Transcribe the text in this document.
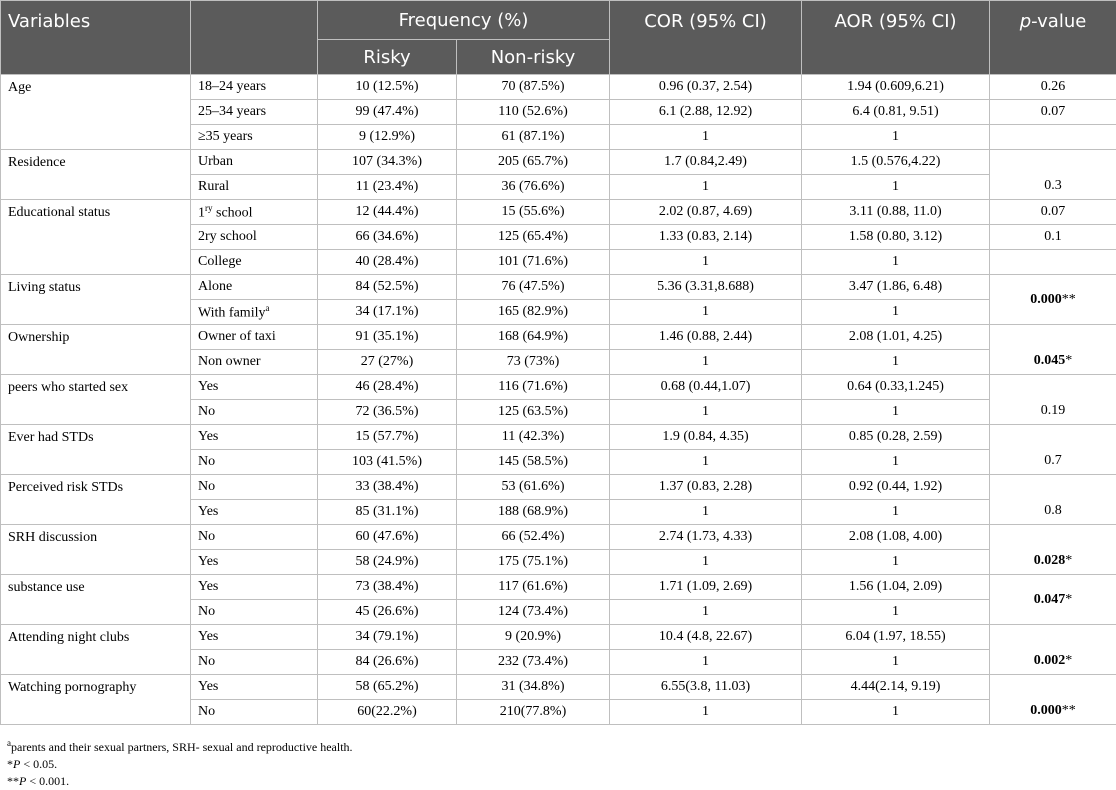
Variables		Frequency (%)		COR (95% CI)	AOR (95% CI)	p-value
		Risky	Non-risky			
Age	18–24 years	10 (12.5%)	70 (87.5%)	0.96 (0.37, 2.54)	1.94 (0.609,6.21)	0.26
	25–34 years	99 (47.4%)	110 (52.6%)	6.1 (2.88, 12.92)	6.4 (0.81, 9.51)	0.07
	≥35 years	9 (12.9%)	61 (87.1%)	1	1	
Residence	Urban	107 (34.3%)	205 (65.7%)	1.7 (0.84,2.49)	1.5 (0.576,4.22)	0.3
	Rural	11 (23.4%)	36 (76.6%)	1	1	
Educational status	$1^{ry}$ school	12 (44.4%)	15 (55.6%)	2.02 (0.87, 4.69)	3.11 (0.88, 11.0)	0.07
	2ry school	66 (34.6%)	125 (65.4%)	1.33 (0.83, 2.14)	1.58 (0.80, 3.12)	0.1
	College	40 (28.4%)	101 (71.6%)	1	1	
Living status	Alone	84 (52.5%)	76 (47.5%)	5.36 (3.31,8.688)	3.47 (1.86, 6.48)	0.000**
	With family$^a$	34 (17.1%)	165 (82.9%)	1	1	
Ownership	Owner of taxi	91 (35.1%)	168 (64.9%)	1.46 (0.88, 2.44)	2.08 (1.01, 4.25)	0.045*
	Non owner	27 (27%)	73 (73%)	1	1	
peers who started sex	Yes	46 (28.4%)	116 (71.6%)	0.68 (0.44,1.07)	0.64 (0.33,1.245)	0.19
	No	72 (36.5%)	125 (63.5%)	1	1	
Ever had STDs	Yes	15 (57.7%)	11 (42.3%)	1.9 (0.84, 4.35)	0.85 (0.28, 2.59)	0.7
	No	103 (41.5%)	145 (58.5%)	1	1	
Perceived risk STDs	No	33 (38.4%)	53 (61.6%)	1.37 (0.83, 2.28)	0.92 (0.44, 1.92)	0.8
	Yes	85 (31.1%)	188 (68.9%)	1	1	
SRH discussion	No	60 (47.6%)	66 (52.4%)	2.74 (1.73, 4.33)	2.08 (1.08, 4.00)	0.028*
	Yes	58 (24.9%)	175 (75.1%)	1	1	
substance use	Yes	73 (38.4%)	117 (61.6%)	1.71 (1.09, 2.69)	1.56 (1.04, 2.09)	0.047*
	No	45 (26.6%)	124 (73.4%)	1	1	
Attending night clubs	Yes	34 (79.1%)	9 (20.9%)	10.4 (4.8, 22.67)	6.04 (1.97, 18.55)	0.002*
	No	84 (26.6%)	232 (73.4%)	1	1	
Watching pornography	Yes	58 (65.2%)	31 (34.8%)	6.55(3.8, 11.03)	4.44(2.14, 9.19)	0.000**
	No	60(22.2%)	210(77.8%)	1	1	
$^a$parents and their sexual partners, SRH- sexual and reproductive health.
*P < 0.05.
**P < 0.001.
